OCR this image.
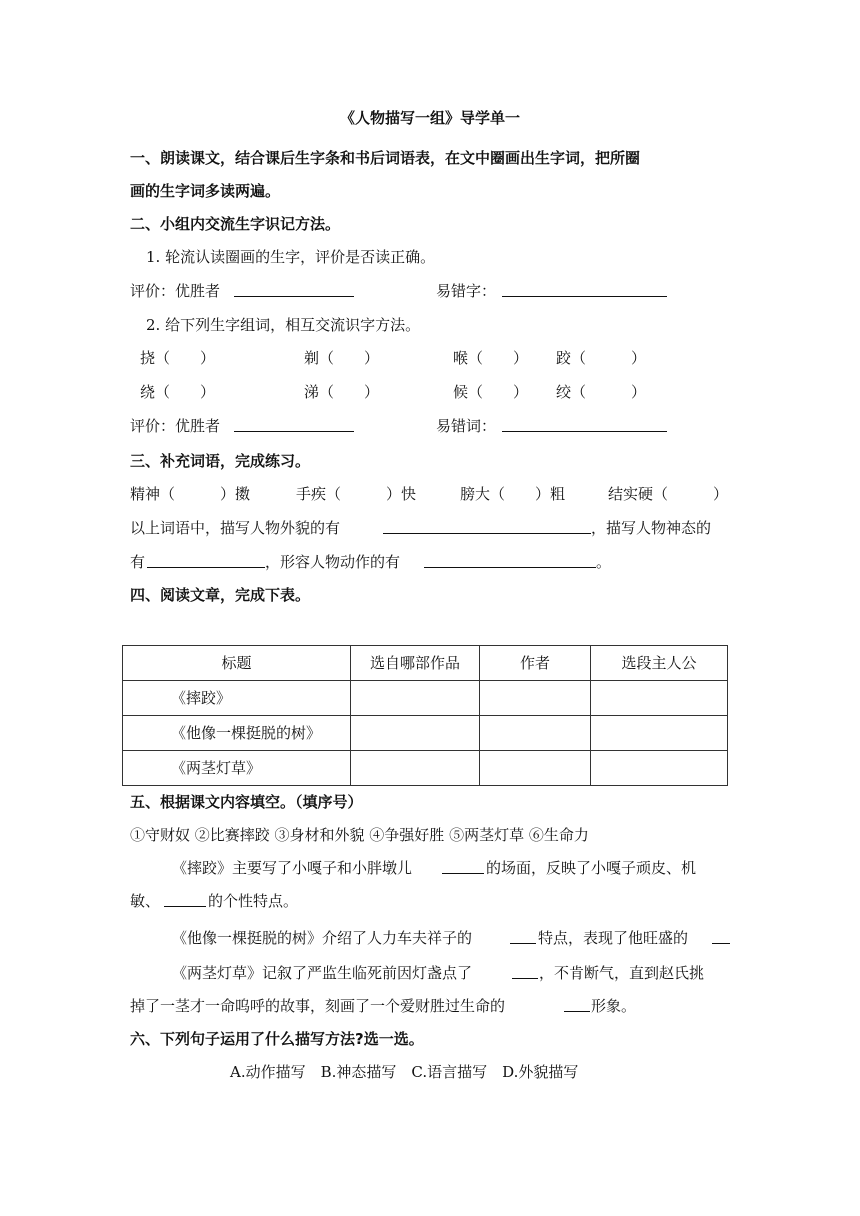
《人物描写一组》导学单一
一、朗读课文，结合课后生字条和书后词语表，在文中圈画出生字词，把所圈
画的生字词多读两遍。
二、小组内交流生字识记方法。
1. 轮流认读圈画的生字，评价是否读正确。
评价：优胜者	易错字：
2. 给下列生字组词，相互交流识字方法。
挠（　　）	剃（　　）	喉（　　） 跤（　　　）
绕（　　）	涕（　　）	候（　　） 绞（　　　）
评价：优胜者	易错词：
三、补充词语，完成练习。
精神（　　　）擞	手疾（　　　）快	膀大（　　）粗	结实硬（　　　）
以上词语中，描写人物外貌的有	，描写人物神态的
有	，形容人物动作的有	。
四、阅读文章，完成下表。
标题	选自哪部作品	作者	选段主人公
《摔跤》			
《他像一棵挺脱的树》			
《两茎灯草》			
五、根据课文内容填空。（填序号）
①守财奴 ②比赛摔跤 ③身材和外貌 ④争强好胜 ⑤两茎灯草 ⑥生命力
《摔跤》主要写了小嘎子和小胖墩儿	的场面，反映了小嘎子顽皮、机
敏、	的个性特点。
《他像一棵挺脱的树》介绍了人力车夫祥子的	特点，表现了他旺盛的
《两茎灯草》记叙了严监生临死前因灯盏点了	，不肯断气，直到赵氏挑
掉了一茎才一命呜呼的故事，刻画了一个爱财胜过生命的	形象。
六、下列句子运用了什么描写方法?选一选。
A.动作描写　B.神态描写　C.语言描写　D.外貌描写
